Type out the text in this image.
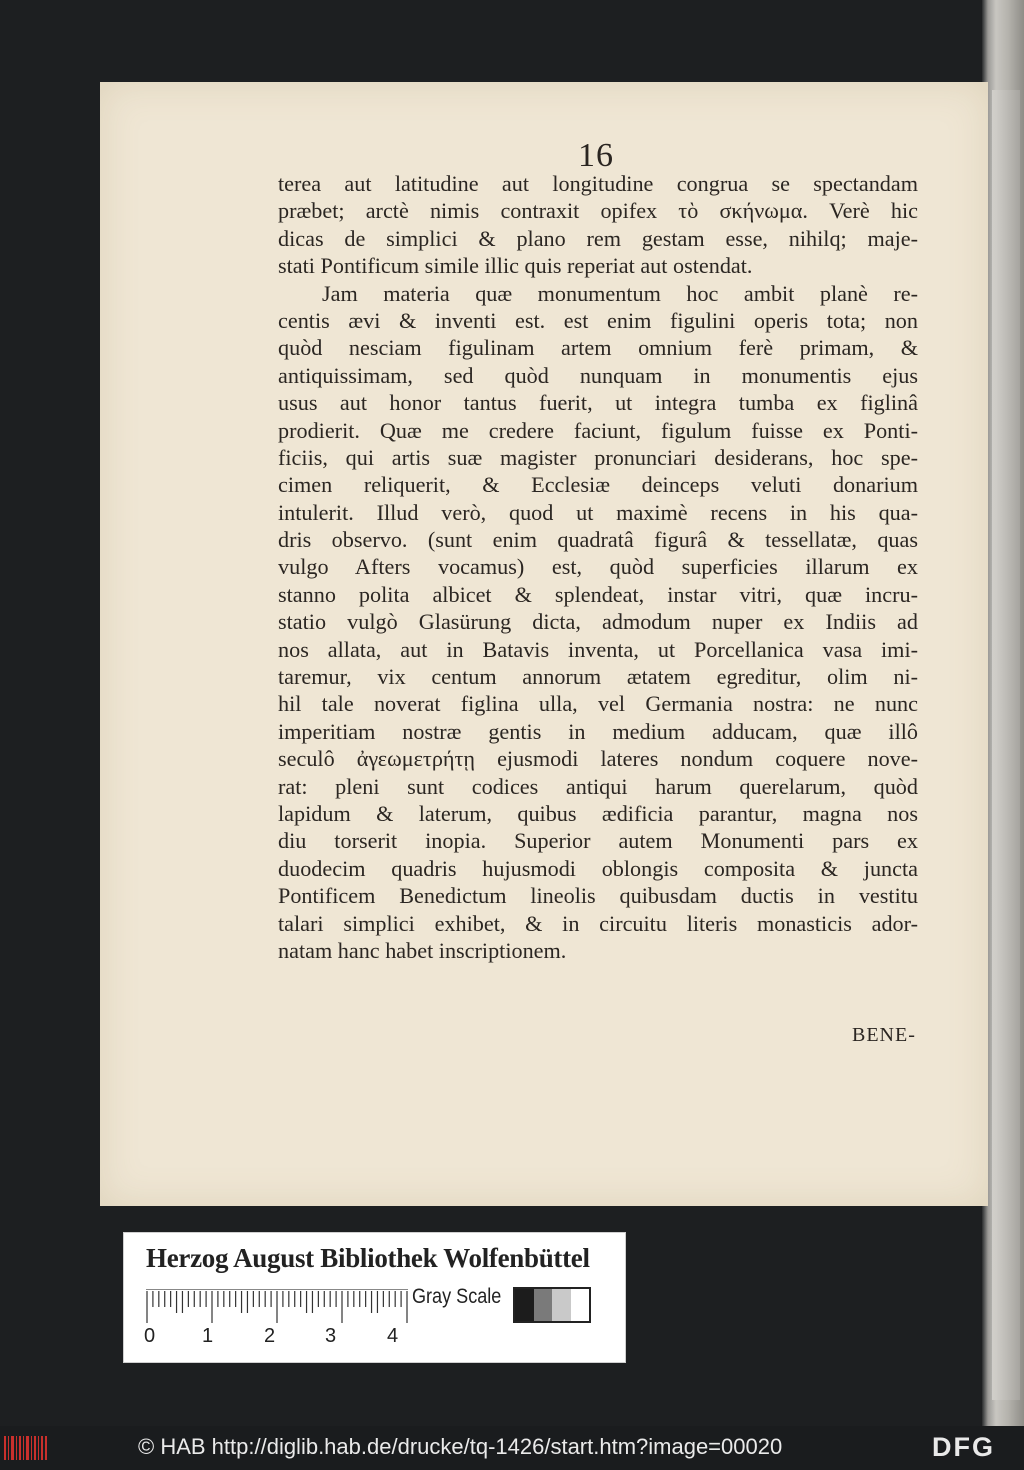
16
terea aut latitudine aut longitudine congrua se spectandam
præbet; arctè nimis contraxit opifex τὸ σκήνωμα. Verè hic
dicas de simplici & plano rem gestam esse, nihilq; maje-
stati Pontificum simile illic quis reperiat aut ostendat.
Jam materia quæ monumentum hoc ambit planè re-
centis ævi & inventi est. est enim figulini operis tota; non
quòd nesciam figulinam artem omnium ferè primam, &
antiquissimam, sed quòd nunquam in monumentis ejus
usus aut honor tantus fuerit, ut integra tumba ex figlinâ
prodierit. Quæ me credere faciunt, figulum fuisse ex Ponti-
ficiis, qui artis suæ magister pronunciari desiderans, hoc spe-
cimen reliquerit, & Ecclesiæ deinceps veluti donarium
intulerit. Illud verò, quod ut maximè recens in his qua-
dris observo. (sunt enim quadratâ figurâ & tessellatæ, quas
vulgo Afters vocamus) est, quòd superficies illarum ex
stanno polita albicet & splendeat, instar vitri, quæ incru-
statio vulgò Glasürung dicta, admodum nuper ex Indiis ad
nos allata, aut in Batavis inventa, ut Porcellanica vasa imi-
taremur, vix centum annorum ætatem egreditur, olim ni-
hil tale noverat figlina ulla, vel Germania nostra: ne nunc
imperitiam nostræ gentis in medium adducam, quæ illô
seculô ἀγεωμετρήτῃ ejusmodi lateres nondum coquere nove-
rat: pleni sunt codices antiqui harum querelarum, quòd
lapidum & laterum, quibus ædificia parantur, magna nos
diu torserit inopia. Superior autem Monumenti pars ex
duodecim quadris hujusmodi oblongis composita & juncta
Pontificem Benedictum lineolis quibusdam ductis in vestitu
talari simplici exhibet, & in circuitu literis monasticis ador-
natam hanc habet inscriptionem.
BENE-
Herzog August Bibliothek Wolfenbüttel
0 1	2 3	4
Gray Scale
© HAB http://diglib.hab.de/drucke/tq-1426/start.htm?image=00020	DFG
